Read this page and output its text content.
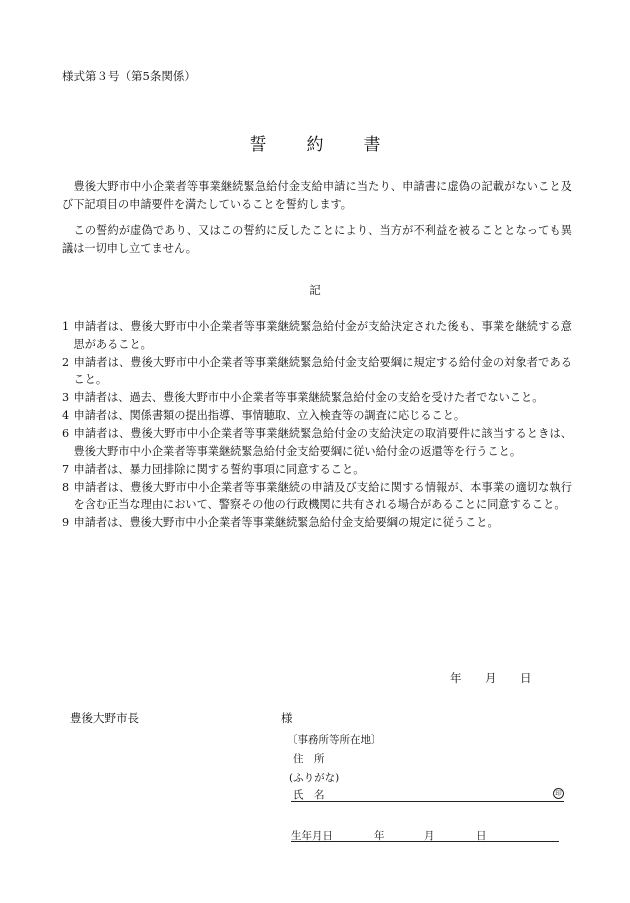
様式第３号（第5条関係）
誓約書

豊後大野市中小企業者等事業継続緊急給付金支給申請に当たり、申請書に虚偽の記載がないこと及び下記項目の申請要件を満たしていることを誓約します。

この誓約が虚偽であり、又はこの誓約に反したことにより、当方が不利益を被ることとなっても異議は一切申し立てません。

記
1 申請者は、豊後大野市中小企業者等事業継続緊急給付金が支給決定された後も、事業を継続する意思があること。
2 申請者は、豊後大野市中小企業者等事業継続緊急給付金支給要綱に規定する給付金の対象者であること。
3 申請者は、過去、豊後大野市中小企業者等事業継続緊急給付金の支給を受けた者でないこと。
4 申請者は、関係書類の提出指導、事情聴取、立入検査等の調査に応じること。
6 申請者は、豊後大野市中小企業者等事業継続緊急給付金の支給決定の取消要件に該当するときは、豊後大野市中小企業者等事業継続緊急給付金支給要綱に従い給付金の返還等を行うこと。
7 申請者は、暴力団排除に関する誓約事項に同意すること。
8 申請者は、豊後大野市中小企業者等事業継続の申請及び支給に関する情報が、本事業の適切な執行を含む正当な理由において、警察その他の行政機関に共有される場合があることに同意すること。
9 申請者は、豊後大野市中小企業者等事業継続緊急給付金支給要綱の規定に従うこと。
年 月 日
豊後大野市長	様
〔事務所等所在地〕
住　所
(ふりがな)
氏　名	印
生年月日	年	月	日
